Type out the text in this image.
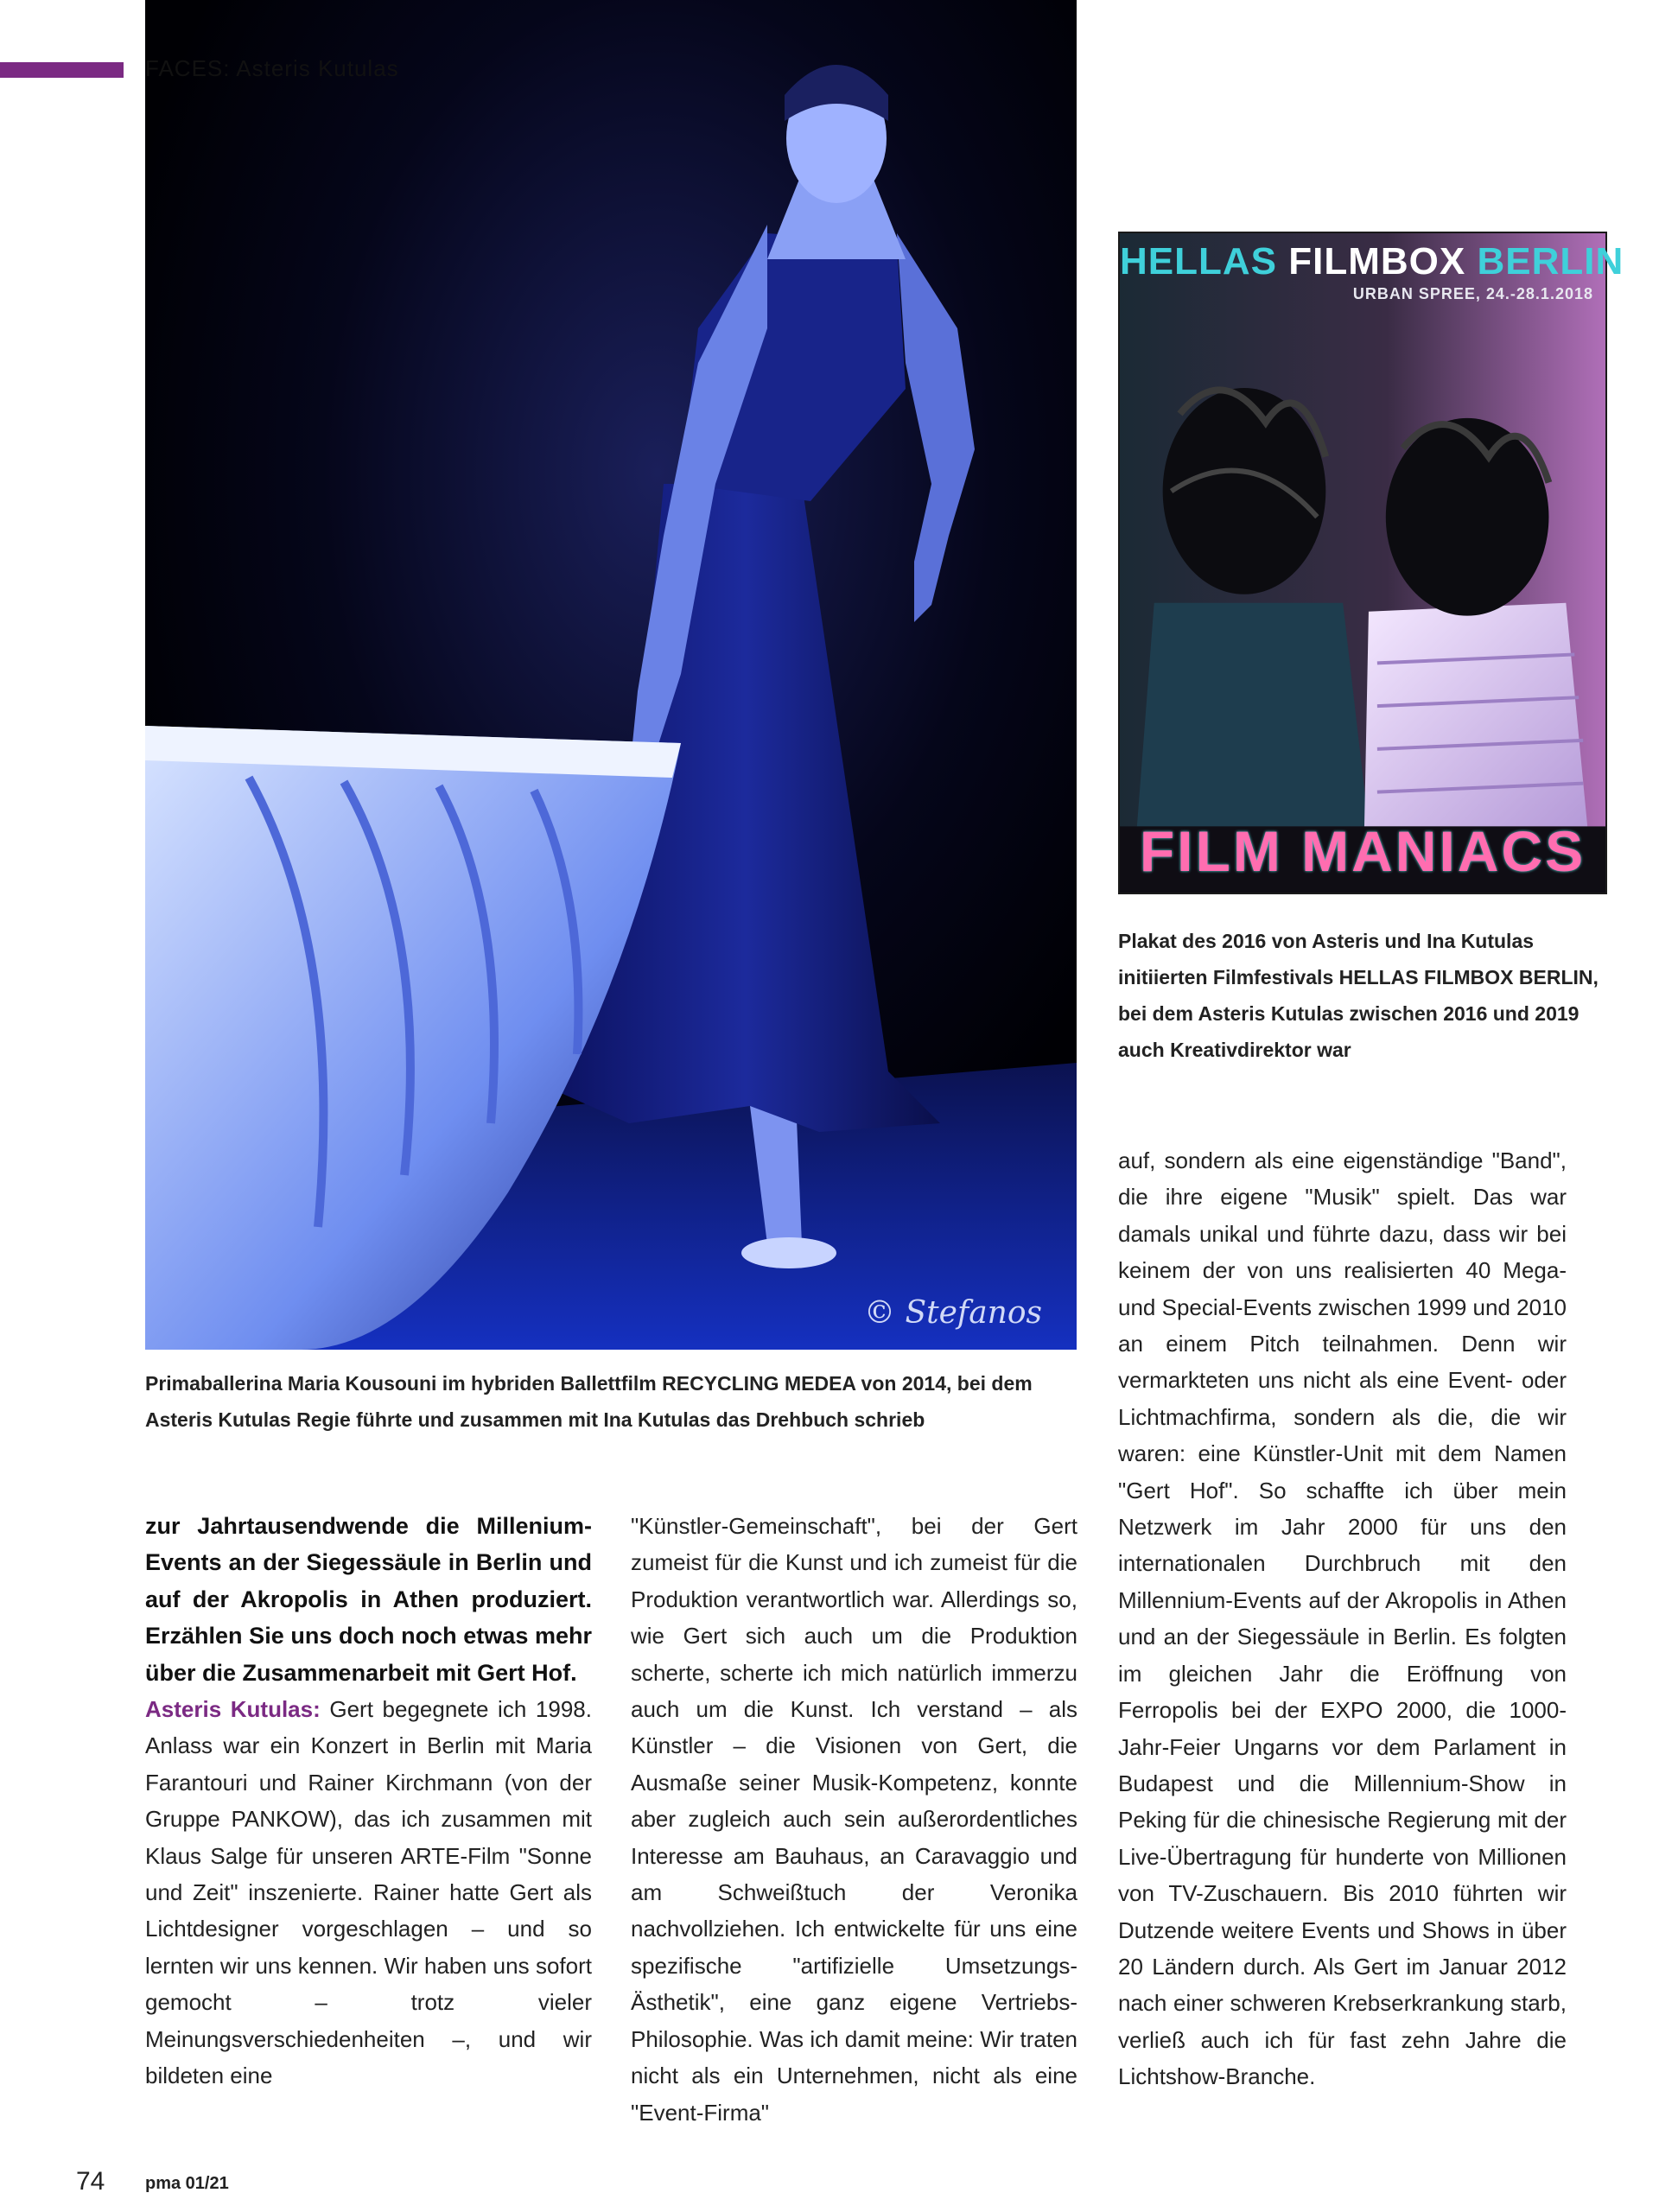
© Stefanos
FACES: Asteris Kutulas
Primaballerina Maria Kousouni im hybriden Ballettfilm RECYCLING MEDEA von 2014, bei dem Asteris Kutulas Regie führte und zusammen mit Ina Kutulas das Drehbuch schrieb
HELLAS FILMBOX BERLIN
URBAN SPREE, 24.-28.1.2018
FILM MANIACS
Plakat des 2016 von Asteris und Ina Kutulas initiierten Filmfestivals HELLAS FILMBOX BERLIN, bei dem Asteris Kutulas zwischen 2016 und 2019 auch Kreativdirektor war

zur Jahrtausendwende die Millenium-Events an der Siegessäule in Berlin und auf der Akropolis in Athen produziert. Erzählen Sie uns doch noch etwas mehr über die Zusammenarbeit mit Gert Hof.

Asteris Kutulas: Gert begegnete ich 1998. Anlass war ein Konzert in Berlin mit Maria Farantouri und Rainer Kirchmann (von der Gruppe PANKOW), das ich zusammen mit Klaus Salge für unseren ARTE-Film "Sonne und Zeit" inszenierte. Rainer hatte Gert als Lichtdesigner vorgeschlagen – und so lernten wir uns kennen. Wir haben uns sofort gemocht – trotz vieler Meinungsverschiedenheiten –, und wir bildeten eine

"Künstler-Gemeinschaft", bei der Gert zumeist für die Kunst und ich zumeist für die Produktion verantwortlich war. Allerdings so, wie Gert sich auch um die Produktion scherte, scherte ich mich natürlich immerzu auch um die Kunst. Ich verstand – als Künstler – die Visionen von Gert, die Ausmaße seiner Musik-Kompetenz, konnte aber zugleich auch sein außerordentliches Interesse am Bauhaus, an Caravaggio und am Schweißtuch der Veronika nachvollziehen. Ich entwickelte für uns eine spezifische "artifizielle Umsetzungs-Ästhetik", eine ganz eigene Vertriebs-Philosophie. Was ich damit meine: Wir traten nicht als ein Unternehmen, nicht als eine "Event-Firma"

auf, sondern als eine eigenständige "Band", die ihre eigene "Musik" spielt. Das war damals unikal und führte dazu, dass wir bei keinem der von uns realisierten 40 Mega- und Special-Events zwischen 1999 und 2010 an einem Pitch teilnahmen. Denn wir vermarkteten uns nicht als eine Event- oder Lichtmachfirma, sondern als die, die wir waren: eine Künstler-Unit mit dem Namen "Gert Hof". So schaffte ich über mein Netzwerk im Jahr 2000 für uns den internationalen Durchbruch mit den Millennium-Events auf der Akropolis in Athen und an der Siegessäule in Berlin. Es folgten im gleichen Jahr die Eröffnung von Ferropolis bei der EXPO 2000, die 1000-Jahr-Feier Ungarns vor dem Parlament in Budapest und die Millennium-Show in Peking für die chinesische Regierung mit der Live-Übertragung für hunderte von Millionen von TV-Zuschauern. Bis 2010 führten wir Dutzende weitere Events und Shows in über 20 Ländern durch. Als Gert im Januar 2012 nach einer schweren Krebserkrankung starb, verließ auch ich für fast zehn Jahre die Lichtshow-Branche.

74 pma 01/21
